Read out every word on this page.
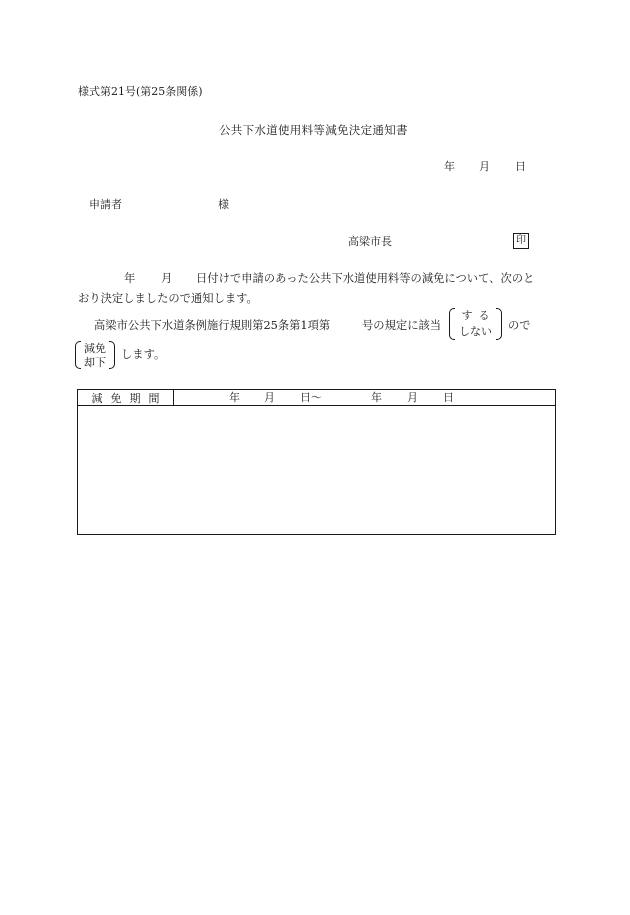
様式第21号(第25条関係)
公共下水道使用料等減免決定通知書
年 月 日
申請者	様
高梁市長	印
年 月 日付けで申請のあった公共下水道使用料等の減免について、次のと
おり決定しましたので通知します。
高梁市公共下水道条例施行規則第25条第1項第	号の規定に該当
する
しない	ので
減免
却下
します。
減免期間	年 月 日～	年 月 日
